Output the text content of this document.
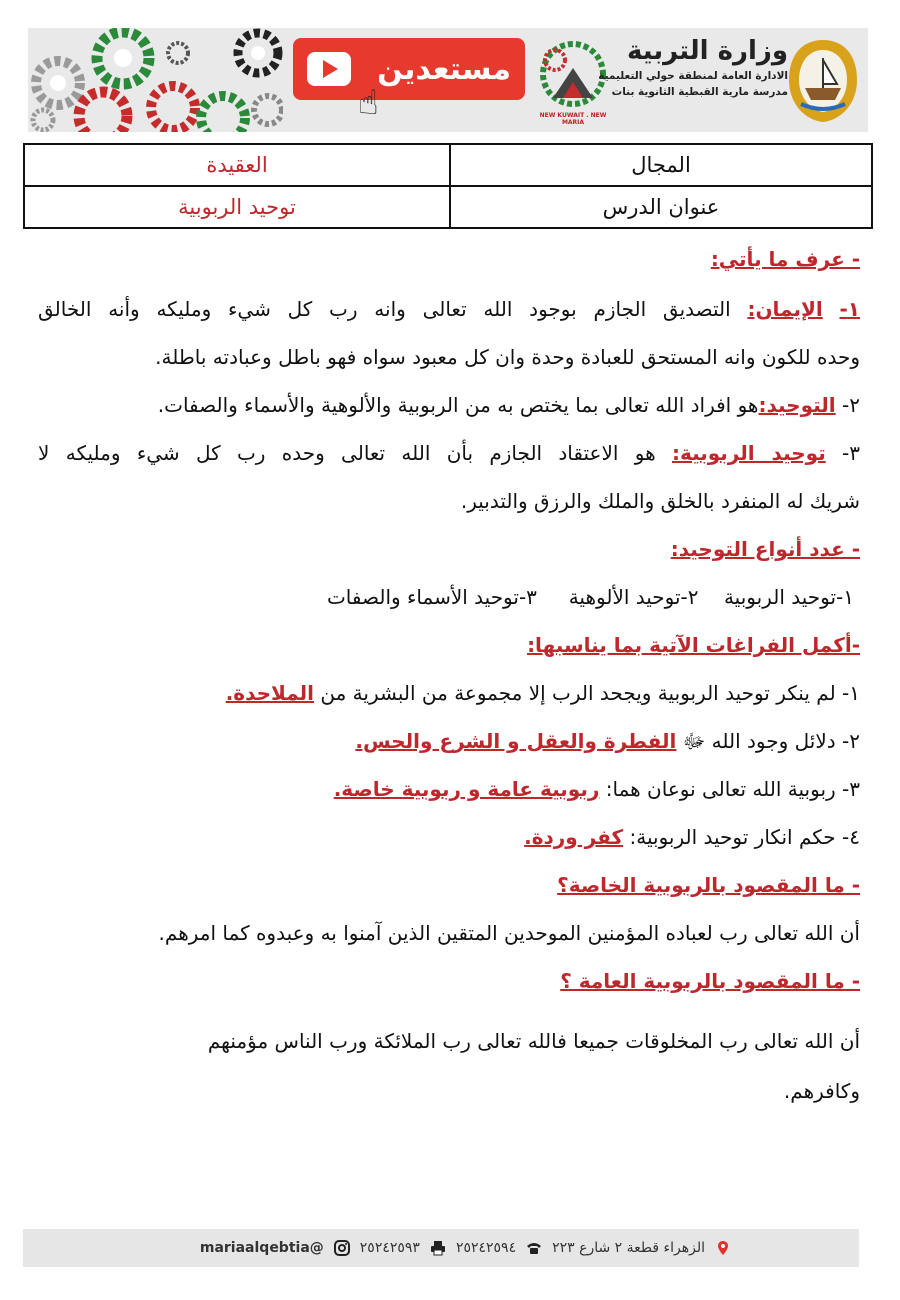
مستعدين
☝	NEW KUWAIT . NEW MARIA
وزارة التربية
الادارة العامة لمنطقة حولي التعليمية
مدرسة مارية القبطية الثانوية بنات
العقيدة	المجال
توحيد الربوبية	عنوان الدرس
- عرف ما يأتي:
١- الإيمان: التصديق الجازم بوجود الله تعالى وانه رب كل شيء ومليكه وأنه الخالق
وحده للكون وانه المستحق للعبادة وحدة وان كل معبود سواه فهو باطل وعبادته باطلة.
٢- التوحيد:هو افراد الله تعالى بما يختص به من الربوبية والألوهية والأسماء والصفات.
٣- توحيد الربوبية: هو الاعتقاد الجازم بأن الله تعالى وحده رب كل شيء ومليكه لا
شريك له المنفرد بالخلق والملك والرزق والتدبير.
- عدد أنواع التوحيد:
١-توحيد الربوبية    ٢-توحيد الألوهية     ٣-توحيد الأسماء والصفات
-أكمل الفراغات الآتية بما يناسبها:
١- لم ينكر توحيد الربوبية ويجحد الرب إلا مجموعة من البشرية من الملاحدة.
٢- دلائل وجود الله ﷻ الفطرة والعقل و الشرع والحس.
٣- ربوبية الله تعالى نوعان هما: ربوبية عامة و ربوبية خاصة.
٤- حكم انكار توحيد الربوبية: كفر وردة.
- ما المقصود بالربوبية الخاصة؟
أن الله تعالى رب لعباده المؤمنين الموحدين المتقين الذين آمنوا به وعبدوه كما امرهم.
- ما المقصود بالربوبية العامة ؟
أن الله تعالى رب المخلوقات جميعا فالله تعالى رب الملائكة ورب الناس مؤمنهم
وكافرهم.
الزهراء قطعة ٢ شارع ٢٢٣
٢٥٢٤٢٥٩٤
٢٥٢٤٢٥٩٣
@mariaalqebtia
